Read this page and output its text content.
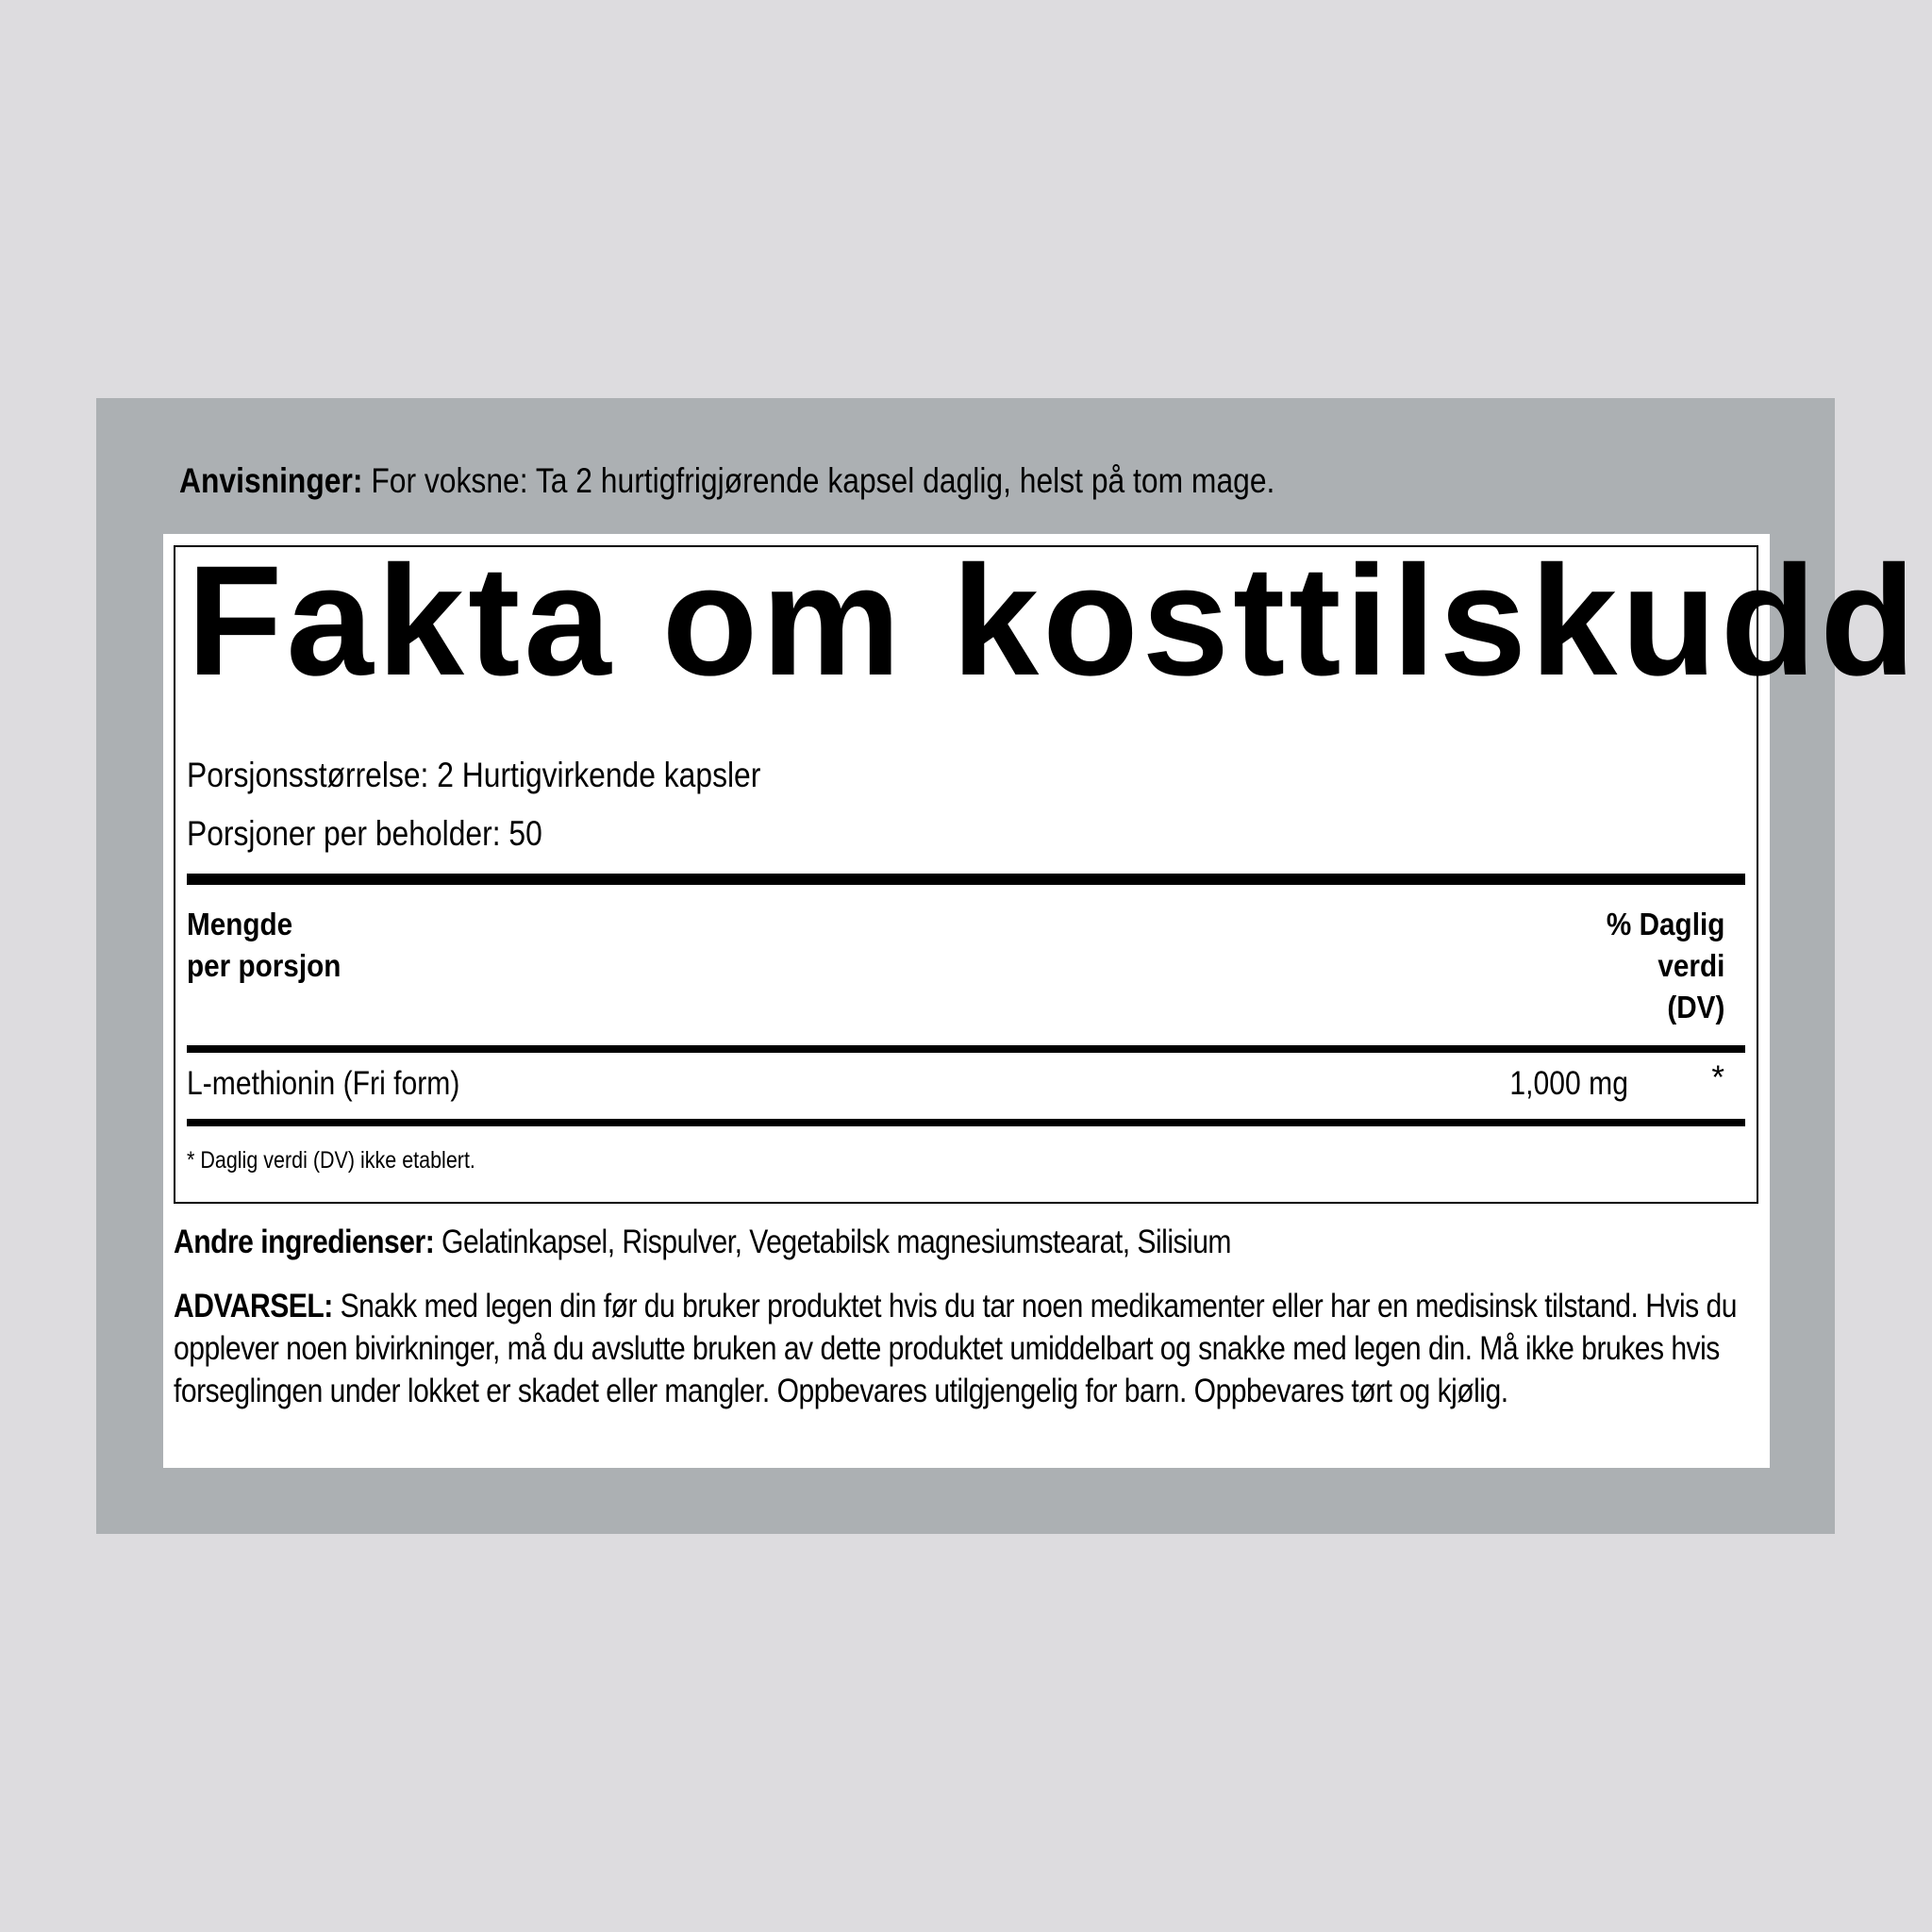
Anvisninger: For voksne: Ta 2 hurtigfrigjørende kapsel daglig, helst på tom mage.
Fakta om kosttilskudd
Porsjonsstørrelse: 2 Hurtigvirkende kapsler
Porsjoner per beholder: 50
Mengde
per porsjon
% Daglig
verdi
(DV)
L-methionin (Fri form)	1,000 mg	*
* Daglig verdi (DV) ikke etablert.
Andre ingredienser: Gelatinkapsel, Rispulver, Vegetabilsk magnesiumstearat, Silisium
ADVARSEL: Snakk med legen din før du bruker produktet hvis du tar noen medikamenter eller har en medisinsk tilstand. Hvis du opplever noen bivirkninger, må du avslutte bruken av dette produktet umiddelbart og snakke med legen din. Må ikke brukes hvis forseglingen under lokket er skadet eller mangler. Oppbevares utilgjengelig for barn. Oppbevares tørt og kjølig.
